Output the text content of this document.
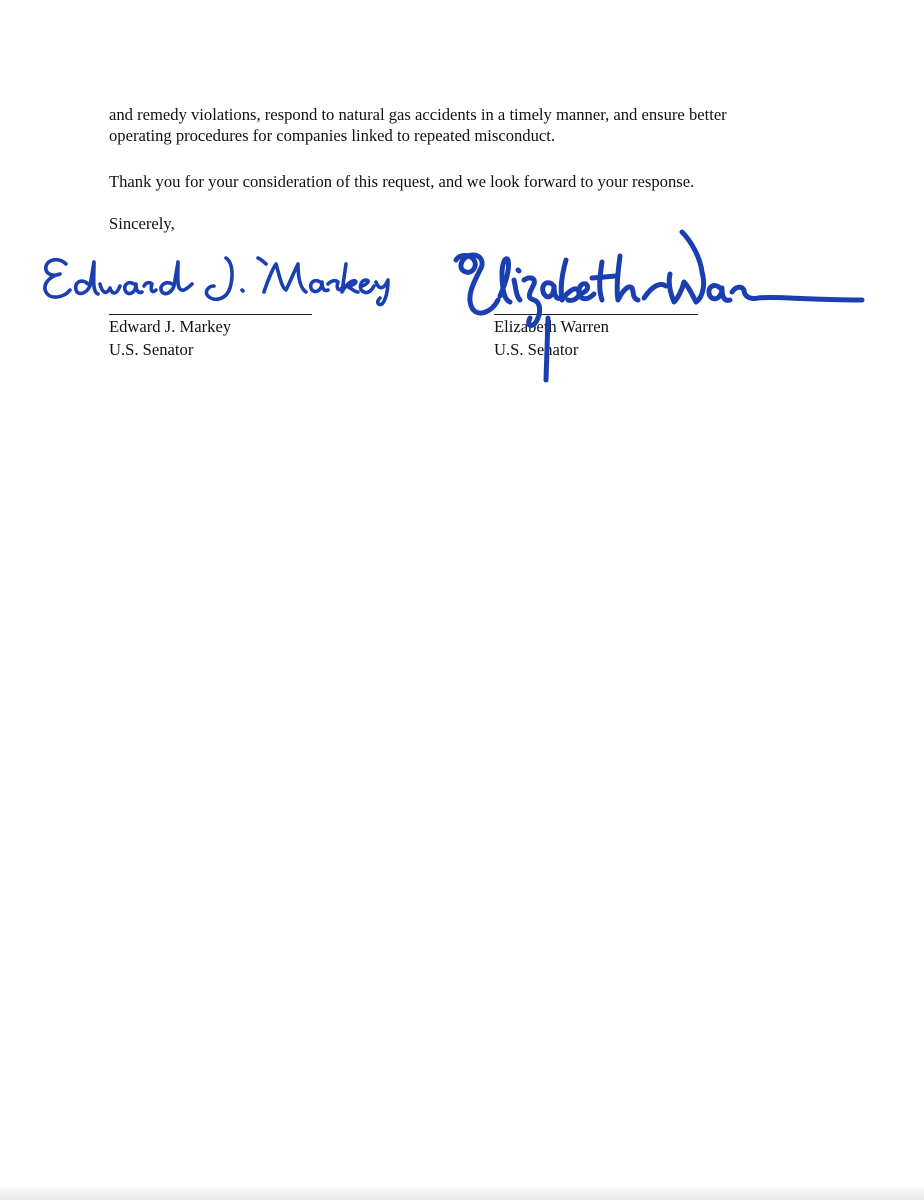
and remedy violations, respond to natural gas accidents in a timely manner, and ensure better
operating procedures for companies linked to repeated misconduct.

Thank you for your consideration of this request, and we look forward to your response.

Sincerely,

Edward J. Markey
U.S. Senator
Elizabeth Warren
U.S. Senator
